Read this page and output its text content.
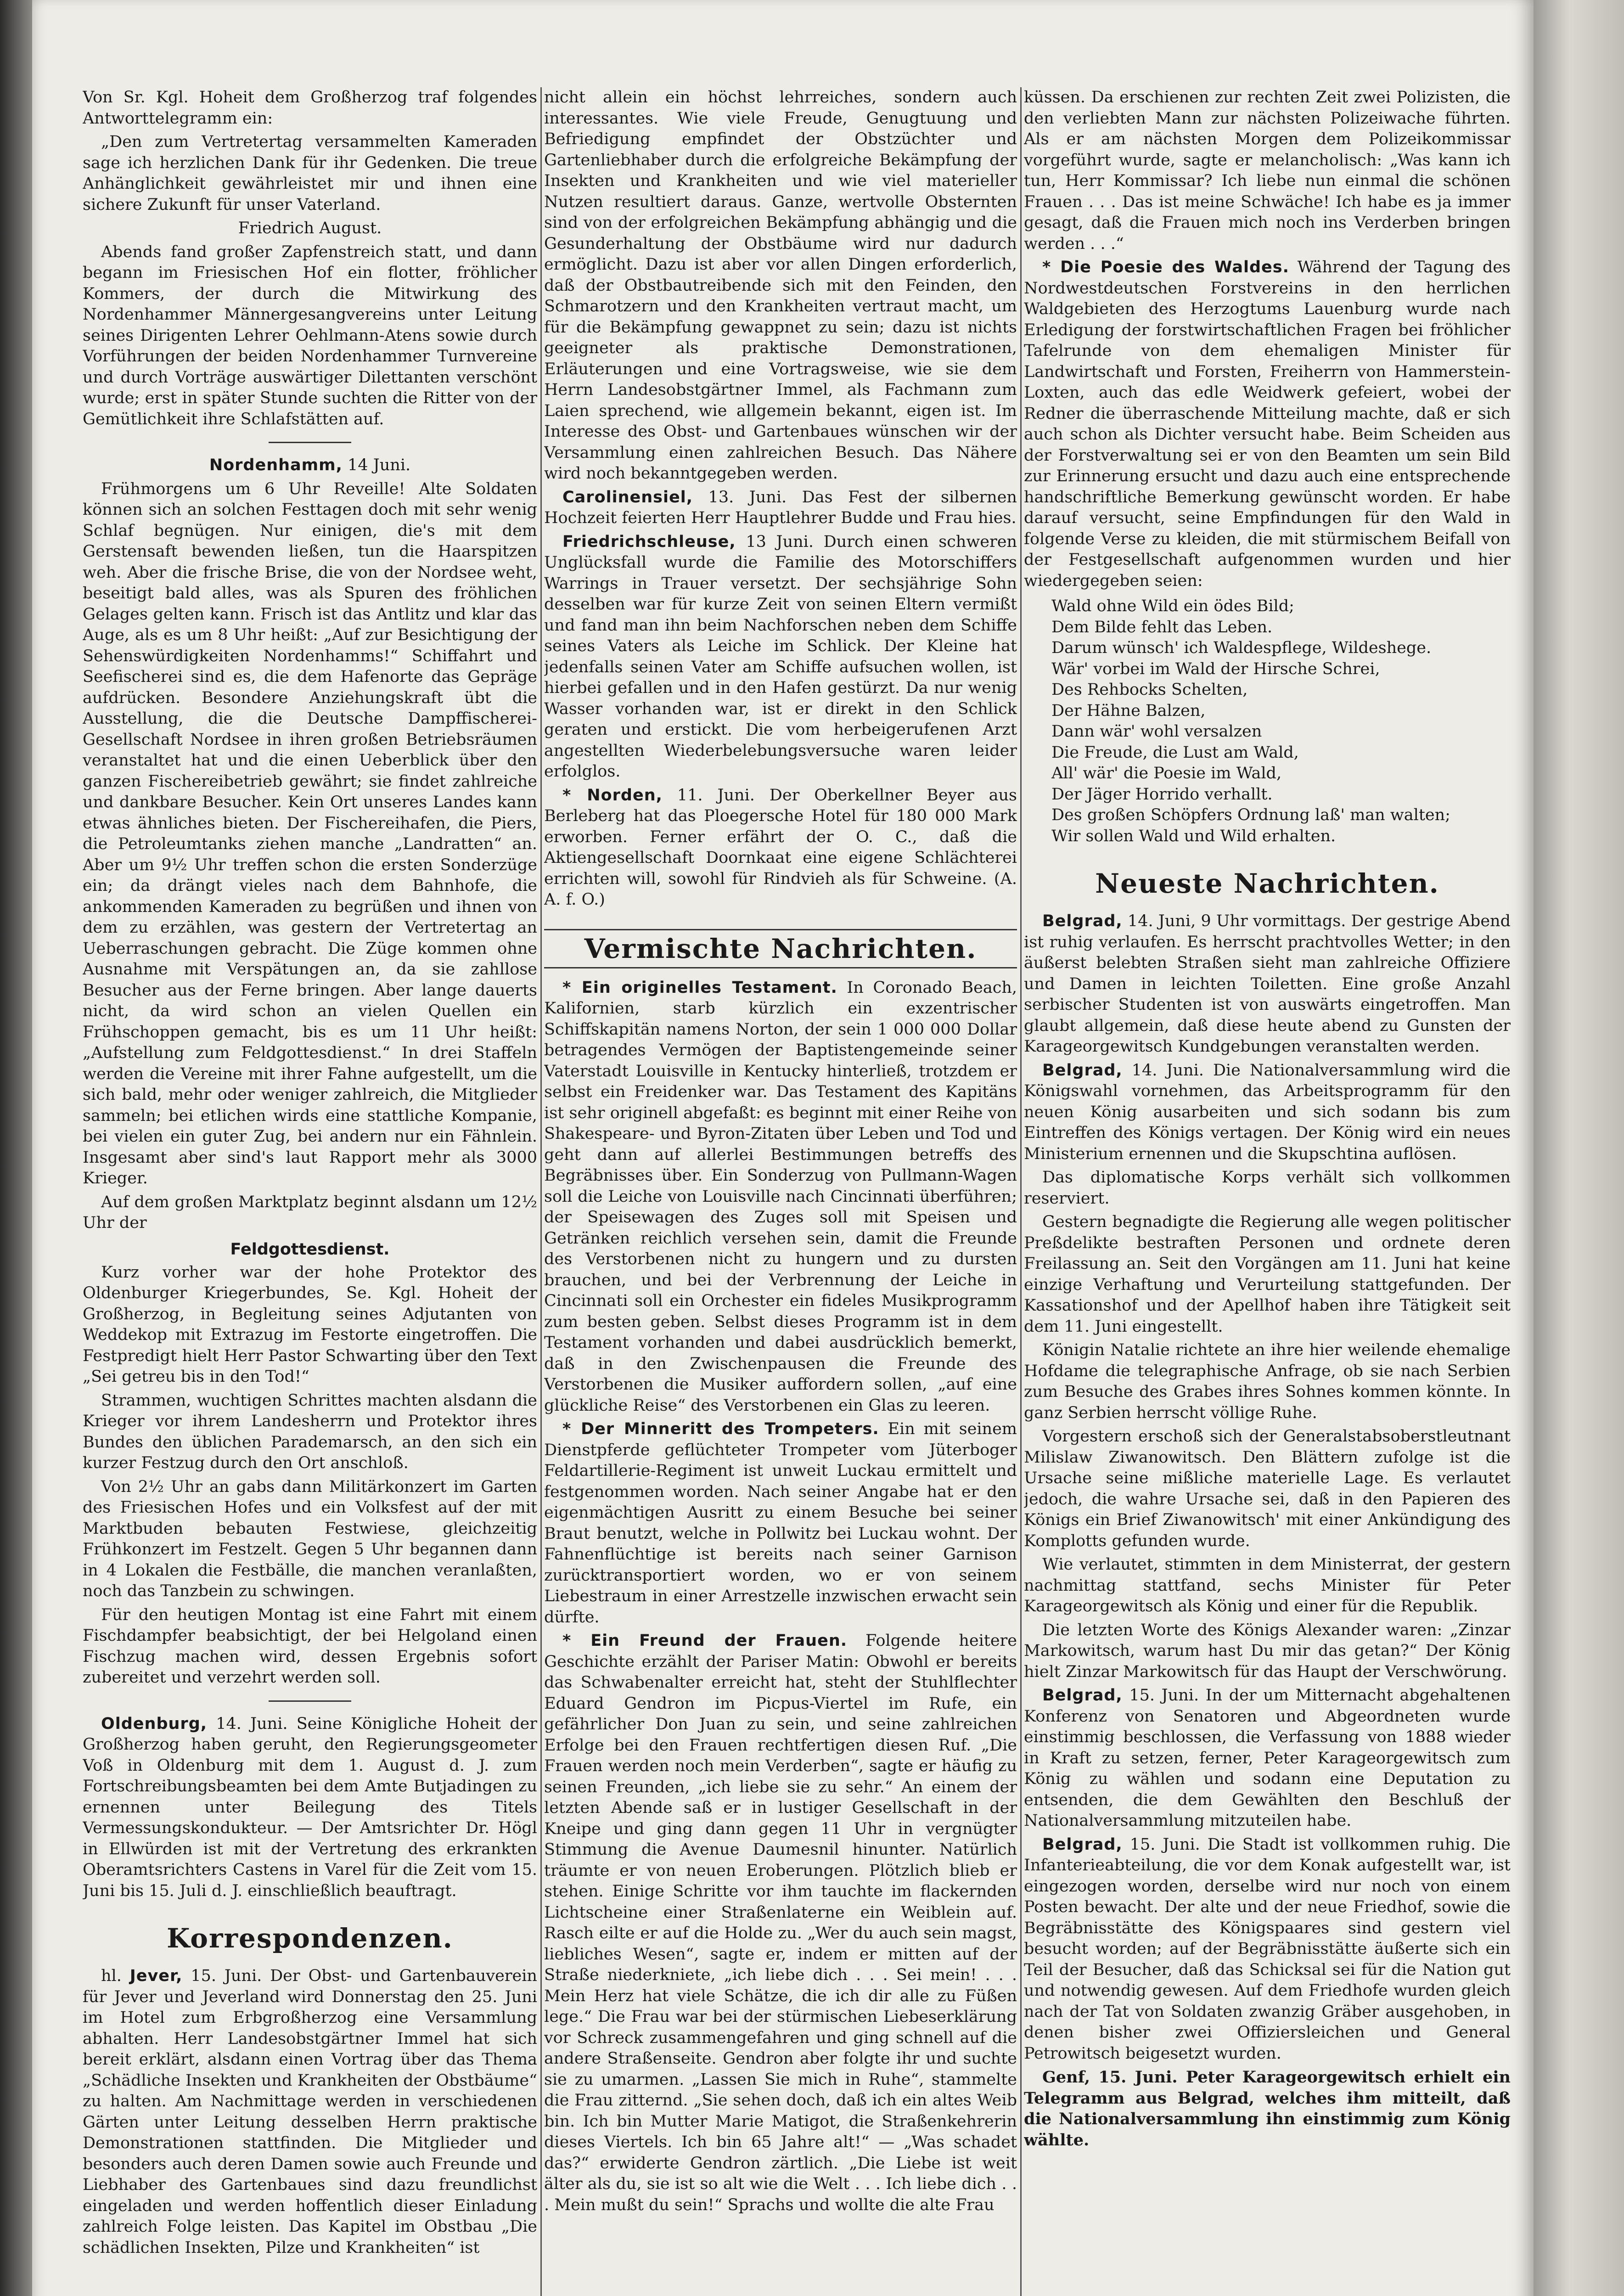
Von Sr. Kgl. Hoheit dem Großherzog traf folgendes Antworttelegramm ein:

„Den zum Vertretertag versammelten Kameraden sage ich herzlichen Dank für ihr Gedenken. Die treue Anhänglichkeit gewährleistet mir und ihnen eine sichere Zukunft für unser Vaterland.

Friedrich August.

Abends fand großer Zapfenstreich statt, und dann begann im Friesischen Hof ein flotter, fröhlicher Kommers, der durch die Mitwirkung des Nordenhammer Männergesangvereins unter Leitung seines Dirigenten Lehrer Oehlmann-Atens sowie durch Vorführungen der beiden Nordenhammer Turnvereine und durch Vorträge auswärtiger Dilettanten verschönt wurde; erst in später Stunde suchten die Ritter von der Gemütlichkeit ihre Schlafstätten auf.

Nordenhamm, 14 Juni.

Frühmorgens um 6 Uhr Reveille! Alte Soldaten können sich an solchen Festtagen doch mit sehr wenig Schlaf begnügen. Nur einigen, die's mit dem Gerstensaft bewenden ließen, tun die Haarspitzen weh. Aber die frische Brise, die von der Nordsee weht, beseitigt bald alles, was als Spuren des fröhlichen Gelages gelten kann. Frisch ist das Antlitz und klar das Auge, als es um 8 Uhr heißt: „Auf zur Besichtigung der Sehenswürdigkeiten Nordenhamms!“ Schiffahrt und Seefischerei sind es, die dem Hafenorte das Gepräge aufdrücken. Besondere Anziehungskraft übt die Ausstellung, die die Deutsche Dampffischerei-Gesellschaft Nordsee in ihren großen Betriebsräumen veranstaltet hat und die einen Ueberblick über den ganzen Fischereibetrieb gewährt; sie findet zahlreiche und dankbare Besucher. Kein Ort unseres Landes kann etwas ähnliches bieten. Der Fischereihafen, die Piers, die Petroleumtanks ziehen manche „Landratten“ an. Aber um 9½ Uhr treffen schon die ersten Sonderzüge ein; da drängt vieles nach dem Bahnhofe, die ankommenden Kameraden zu begrüßen und ihnen von dem zu erzählen, was gestern der Vertretertag an Ueberraschungen gebracht. Die Züge kommen ohne Ausnahme mit Verspätungen an, da sie zahllose Besucher aus der Ferne bringen. Aber lange dauerts nicht, da wird schon an vielen Quellen ein Frühschoppen gemacht, bis es um 11 Uhr heißt: „Aufstellung zum Feldgottesdienst.“ In drei Staffeln werden die Vereine mit ihrer Fahne aufgestellt, um die sich bald, mehr oder weniger zahlreich, die Mitglieder sammeln; bei etlichen wirds eine stattliche Kompanie, bei vielen ein guter Zug, bei andern nur ein Fähnlein. Insgesamt aber sind's laut Rapport mehr als 3000 Krieger.

Auf dem großen Marktplatz beginnt alsdann um 12½ Uhr der

Feldgottesdienst.

Kurz vorher war der hohe Protektor des Oldenburger Kriegerbundes, Se. Kgl. Hoheit der Großherzog, in Begleitung seines Adjutanten von Weddekop mit Extrazug im Festorte eingetroffen. Die Festpredigt hielt Herr Pastor Schwarting über den Text „Sei getreu bis in den Tod!“

Strammen, wuchtigen Schrittes machten alsdann die Krieger vor ihrem Landesherrn und Protektor ihres Bundes den üblichen Parademarsch, an den sich ein kurzer Festzug durch den Ort anschloß.

Von 2½ Uhr an gabs dann Militärkonzert im Garten des Friesischen Hofes und ein Volksfest auf der mit Marktbuden bebauten Festwiese, gleichzeitig Frühkonzert im Festzelt. Gegen 5 Uhr begannen dann in 4 Lokalen die Festbälle, die manchen veranlaßten, noch das Tanzbein zu schwingen.

Für den heutigen Montag ist eine Fahrt mit einem Fischdampfer beabsichtigt, der bei Helgoland einen Fischzug machen wird, dessen Ergebnis sofort zubereitet und verzehrt werden soll.

Oldenburg, 14. Juni. Seine Königliche Hoheit der Großherzog haben geruht, den Regierungsgeometer Voß in Oldenburg mit dem 1. August d. J. zum Fortschreibungsbeamten bei dem Amte Butjadingen zu ernennen unter Beilegung des Titels Vermessungskondukteur. — Der Amtsrichter Dr. Högl in Ellwürden ist mit der Vertretung des erkrankten Oberamtsrichters Castens in Varel für die Zeit vom 15. Juni bis 15. Juli d. J. einschließlich beauftragt.

Korrespondenzen.

hl. Jever, 15. Juni. Der Obst- und Gartenbauverein für Jever und Jeverland wird Donnerstag den 25. Juni im Hotel zum Erbgroßherzog eine Versammlung abhalten. Herr Landesobstgärtner Immel hat sich bereit erklärt, alsdann einen Vortrag über das Thema „Schädliche Insekten und Krankheiten der Obstbäume“ zu halten. Am Nachmittage werden in verschiedenen Gärten unter Leitung desselben Herrn praktische Demonstrationen stattfinden. Die Mitglieder und besonders auch deren Damen sowie auch Freunde und Liebhaber des Gartenbaues sind dazu freundlichst eingeladen und werden hoffentlich dieser Einladung zahlreich Folge leisten. Das Kapitel im Obstbau „Die schädlichen Insekten, Pilze und Krankheiten“ ist

nicht allein ein höchst lehrreiches, sondern auch interessantes. Wie viele Freude, Genugtuung und Befriedigung empfindet der Obstzüchter und Gartenliebhaber durch die erfolgreiche Bekämpfung der Insekten und Krankheiten und wie viel materieller Nutzen resultiert daraus. Ganze, wertvolle Obsternten sind von der erfolgreichen Bekämpfung abhängig und die Gesunderhaltung der Obstbäume wird nur dadurch ermöglicht. Dazu ist aber vor allen Dingen erforderlich, daß der Obstbautreibende sich mit den Feinden, den Schmarotzern und den Krankheiten vertraut macht, um für die Bekämpfung gewappnet zu sein; dazu ist nichts geeigneter als praktische Demonstrationen, Erläuterungen und eine Vortragsweise, wie sie dem Herrn Landesobstgärtner Immel, als Fachmann zum Laien sprechend, wie allgemein bekannt, eigen ist. Im Interesse des Obst- und Gartenbaues wünschen wir der Versammlung einen zahlreichen Besuch. Das Nähere wird noch bekanntgegeben werden.

Carolinensiel, 13. Juni. Das Fest der silbernen Hochzeit feierten Herr Hauptlehrer Budde und Frau hies.

Friedrichschleuse, 13 Juni. Durch einen schweren Unglücksfall wurde die Familie des Motorschiffers Warrings in Trauer versetzt. Der sechsjährige Sohn desselben war für kurze Zeit von seinen Eltern vermißt und fand man ihn beim Nachforschen neben dem Schiffe seines Vaters als Leiche im Schlick. Der Kleine hat jedenfalls seinen Vater am Schiffe aufsuchen wollen, ist hierbei gefallen und in den Hafen gestürzt. Da nur wenig Wasser vorhanden war, ist er direkt in den Schlick geraten und erstickt. Die vom herbeigerufenen Arzt angestellten Wiederbelebungsversuche waren leider erfolglos.

* Norden, 11. Juni. Der Oberkellner Beyer aus Berleberg hat das Ploegersche Hotel für 180 000 Mark erworben. Ferner erfährt der O. C., daß die Aktiengesellschaft Doornkaat eine eigene Schlächterei errichten will, sowohl für Rindvieh als für Schweine. (A. A. f. O.)

Vermischte Nachrichten.

* Ein originelles Testament. In Coronado Beach, Kalifornien, starb kürzlich ein exzentrischer Schiffskapitän namens Norton, der sein 1 000 000 Dollar betragendes Vermögen der Baptistengemeinde seiner Vaterstadt Louisville in Kentucky hinterließ, trotzdem er selbst ein Freidenker war. Das Testament des Kapitäns ist sehr originell abgefaßt: es beginnt mit einer Reihe von Shakespeare- und Byron-Zitaten über Leben und Tod und geht dann auf allerlei Bestimmungen betreffs des Begräbnisses über. Ein Sonderzug von Pullmann-Wagen soll die Leiche von Louisville nach Cincinnati überführen; der Speisewagen des Zuges soll mit Speisen und Getränken reichlich versehen sein, damit die Freunde des Verstorbenen nicht zu hungern und zu dursten brauchen, und bei der Verbrennung der Leiche in Cincinnati soll ein Orchester ein fideles Musikprogramm zum besten geben. Selbst dieses Programm ist in dem Testament vorhanden und dabei ausdrücklich bemerkt, daß in den Zwischenpausen die Freunde des Verstorbenen die Musiker auffordern sollen, „auf eine glückliche Reise“ des Verstorbenen ein Glas zu leeren.

* Der Minneritt des Trompeters. Ein mit seinem Dienstpferde geflüchteter Trompeter vom Jüterboger Feldartillerie-Regiment ist unweit Luckau ermittelt und festgenommen worden. Nach seiner Angabe hat er den eigenmächtigen Ausritt zu einem Besuche bei seiner Braut benutzt, welche in Pollwitz bei Luckau wohnt. Der Fahnenflüchtige ist bereits nach seiner Garnison zurücktransportiert worden, wo er von seinem Liebestraum in einer Arrestzelle inzwischen erwacht sein dürfte.

* Ein Freund der Frauen. Folgende heitere Geschichte erzählt der Pariser Matin: Obwohl er bereits das Schwabenalter erreicht hat, steht der Stuhlflechter Eduard Gendron im Picpus-Viertel im Rufe, ein gefährlicher Don Juan zu sein, und seine zahlreichen Erfolge bei den Frauen rechtfertigen diesen Ruf. „Die Frauen werden noch mein Verderben“, sagte er häufig zu seinen Freunden, „ich liebe sie zu sehr.“ An einem der letzten Abende saß er in lustiger Gesellschaft in der Kneipe und ging dann gegen 11 Uhr in vergnügter Stimmung die Avenue Daumesnil hinunter. Natürlich träumte er von neuen Eroberungen. Plötzlich blieb er stehen. Einige Schritte vor ihm tauchte im flackernden Lichtscheine einer Straßenlaterne ein Weiblein auf. Rasch eilte er auf die Holde zu. „Wer du auch sein magst, liebliches Wesen“, sagte er, indem er mitten auf der Straße niederkniete, „ich liebe dich . . . Sei mein! . . . Mein Herz hat viele Schätze, die ich dir alle zu Füßen lege.“ Die Frau war bei der stürmischen Liebeserklärung vor Schreck zusammengefahren und ging schnell auf die andere Straßenseite. Gendron aber folgte ihr und suchte sie zu umarmen. „Lassen Sie mich in Ruhe“, stammelte die Frau zitternd. „Sie sehen doch, daß ich ein altes Weib bin. Ich bin Mutter Marie Matigot, die Straßenkehrerin dieses Viertels. Ich bin 65 Jahre alt!“ — „Was schadet das?“ erwiderte Gendron zärtlich. „Die Liebe ist weit älter als du, sie ist so alt wie die Welt . . . Ich liebe dich . . . Mein mußt du sein!“ Sprachs und wollte die alte Frau

küssen. Da erschienen zur rechten Zeit zwei Polizisten, die den verliebten Mann zur nächsten Polizeiwache führten. Als er am nächsten Morgen dem Polizeikommissar vorgeführt wurde, sagte er melancholisch: „Was kann ich tun, Herr Kommissar? Ich liebe nun einmal die schönen Frauen . . . Das ist meine Schwäche! Ich habe es ja immer gesagt, daß die Frauen mich noch ins Verderben bringen werden . . .“

* Die Poesie des Waldes. Während der Tagung des Nordwestdeutschen Forstvereins in den herrlichen Waldgebieten des Herzogtums Lauenburg wurde nach Erledigung der forstwirtschaftlichen Fragen bei fröhlicher Tafelrunde von dem ehemaligen Minister für Landwirtschaft und Forsten, Freiherrn von Hammerstein-Loxten, auch das edle Weidwerk gefeiert, wobei der Redner die überraschende Mitteilung machte, daß er sich auch schon als Dichter versucht habe. Beim Scheiden aus der Forstverwaltung sei er von den Beamten um sein Bild zur Erinnerung ersucht und dazu auch eine entsprechende handschriftliche Bemerkung gewünscht worden. Er habe darauf versucht, seine Empfindungen für den Wald in folgende Verse zu kleiden, die mit stürmischem Beifall von der Festgesellschaft aufgenommen wurden und hier wiedergegeben seien:

Wald ohne Wild ein ödes Bild;

Dem Bilde fehlt das Leben.

Darum wünsch' ich Waldespflege, Wildeshege.

Wär' vorbei im Wald der Hirsche Schrei,

Des Rehbocks Schelten,

Der Hähne Balzen,

Dann wär' wohl versalzen

Die Freude, die Lust am Wald,

All' wär' die Poesie im Wald,

Der Jäger Horrido verhallt.

Des großen Schöpfers Ordnung laß' man walten;

Wir sollen Wald und Wild erhalten.

Neueste Nachrichten.

Belgrad, 14. Juni, 9 Uhr vormittags. Der gestrige Abend ist ruhig verlaufen. Es herrscht prachtvolles Wetter; in den äußerst belebten Straßen sieht man zahlreiche Offiziere und Damen in leichten Toiletten. Eine große Anzahl serbischer Studenten ist von auswärts eingetroffen. Man glaubt allgemein, daß diese heute abend zu Gunsten der Karageorgewitsch Kundgebungen veranstalten werden.

Belgrad, 14. Juni. Die Nationalversammlung wird die Königswahl vornehmen, das Arbeitsprogramm für den neuen König ausarbeiten und sich sodann bis zum Eintreffen des Königs vertagen. Der König wird ein neues Ministerium ernennen und die Skupschtina auflösen.

Das diplomatische Korps verhält sich vollkommen reserviert.

Gestern begnadigte die Regierung alle wegen politischer Preßdelikte bestraften Personen und ordnete deren Freilassung an. Seit den Vorgängen am 11. Juni hat keine einzige Verhaftung und Verurteilung stattgefunden. Der Kassationshof und der Apellhof haben ihre Tätigkeit seit dem 11. Juni eingestellt.

Königin Natalie richtete an ihre hier weilende ehemalige Hofdame die telegraphische Anfrage, ob sie nach Serbien zum Besuche des Grabes ihres Sohnes kommen könnte. In ganz Serbien herrscht völlige Ruhe.

Vorgestern erschoß sich der Generalstabsoberstleutnant Milislaw Ziwanowitsch. Den Blättern zufolge ist die Ursache seine mißliche materielle Lage. Es verlautet jedoch, die wahre Ursache sei, daß in den Papieren des Königs ein Brief Ziwanowitsch' mit einer Ankündigung des Komplotts gefunden wurde.

Wie verlautet, stimmten in dem Ministerrat, der gestern nachmittag stattfand, sechs Minister für Peter Karageorgewitsch als König und einer für die Republik.

Die letzten Worte des Königs Alexander waren: „Zinzar Markowitsch, warum hast Du mir das getan?“ Der König hielt Zinzar Markowitsch für das Haupt der Verschwörung.

Belgrad, 15. Juni. In der um Mitternacht abgehaltenen Konferenz von Senatoren und Abgeordneten wurde einstimmig beschlossen, die Verfassung von 1888 wieder in Kraft zu setzen, ferner, Peter Karageorgewitsch zum König zu wählen und sodann eine Deputation zu entsenden, die dem Gewählten den Beschluß der Nationalversammlung mitzuteilen habe.

Belgrad, 15. Juni. Die Stadt ist vollkommen ruhig. Die Infanterieabteilung, die vor dem Konak aufgestellt war, ist eingezogen worden, derselbe wird nur noch von einem Posten bewacht. Der alte und der neue Friedhof, sowie die Begräbnisstätte des Königspaares sind gestern viel besucht worden; auf der Begräbnisstätte äußerte sich ein Teil der Besucher, daß das Schicksal sei für die Nation gut und notwendig gewesen. Auf dem Friedhofe wurden gleich nach der Tat von Soldaten zwanzig Gräber ausgehoben, in denen bisher zwei Offiziersleichen und General Petrowitsch beigesetzt wurden.

Genf, 15. Juni. Peter Karageorgewitsch erhielt ein Telegramm aus Belgrad, welches ihm mitteilt, daß die Nationalversammlung ihn einstimmig zum König wählte.
